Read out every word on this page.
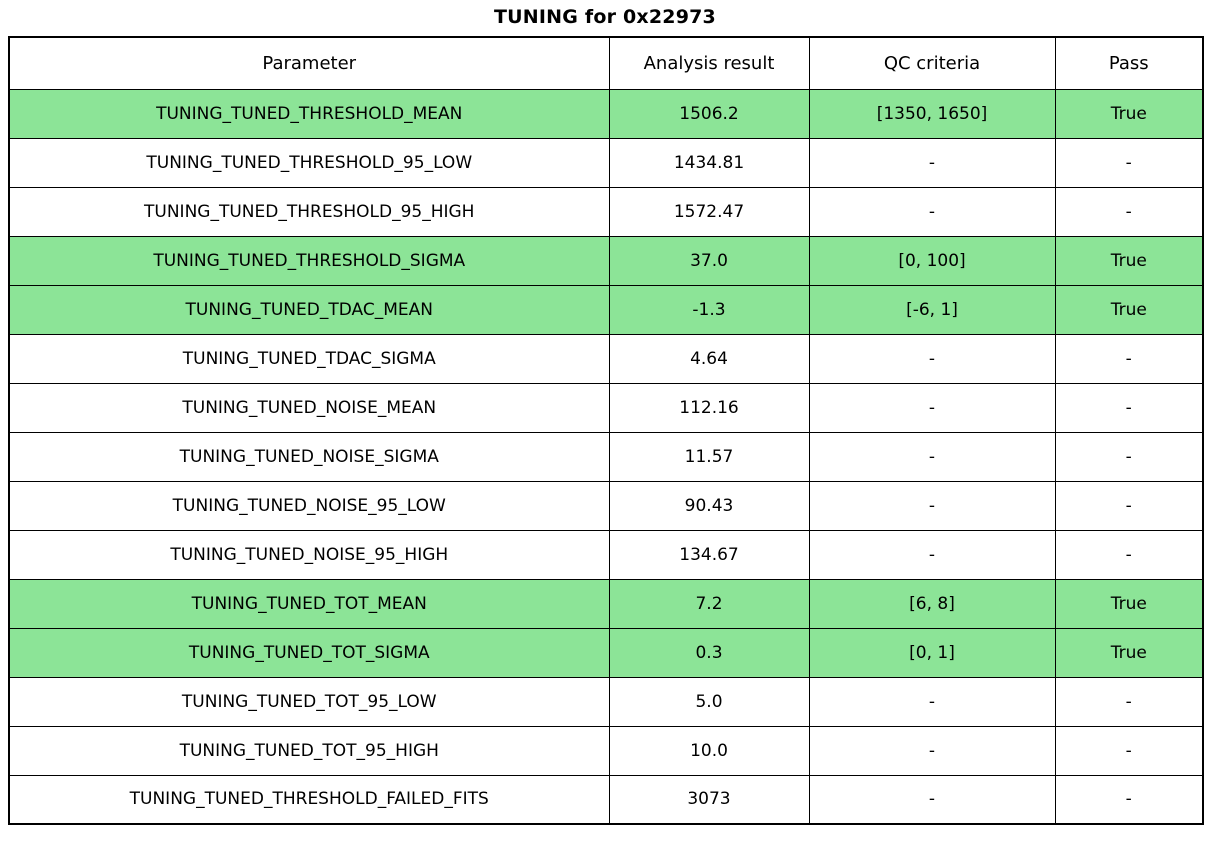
TUNING for 0x22973
Parameter	Analysis result	QC criteria	Pass
TUNING_TUNED_THRESHOLD_MEAN	1506.2	[1350, 1650]	True
TUNING_TUNED_THRESHOLD_95_LOW	1434.81	-	-
TUNING_TUNED_THRESHOLD_95_HIGH	1572.47	-	-
TUNING_TUNED_THRESHOLD_SIGMA	37.0	[0, 100]	True
TUNING_TUNED_TDAC_MEAN	-1.3	[-6, 1]	True
TUNING_TUNED_TDAC_SIGMA	4.64	-	-
TUNING_TUNED_NOISE_MEAN	112.16	-	-
TUNING_TUNED_NOISE_SIGMA	11.57	-	-
TUNING_TUNED_NOISE_95_LOW	90.43	-	-
TUNING_TUNED_NOISE_95_HIGH	134.67	-	-
TUNING_TUNED_TOT_MEAN	7.2	[6, 8]	True
TUNING_TUNED_TOT_SIGMA	0.3	[0, 1]	True
TUNING_TUNED_TOT_95_LOW	5.0	-	-
TUNING_TUNED_TOT_95_HIGH	10.0	-	-
TUNING_TUNED_THRESHOLD_FAILED_FITS	3073	-	-
